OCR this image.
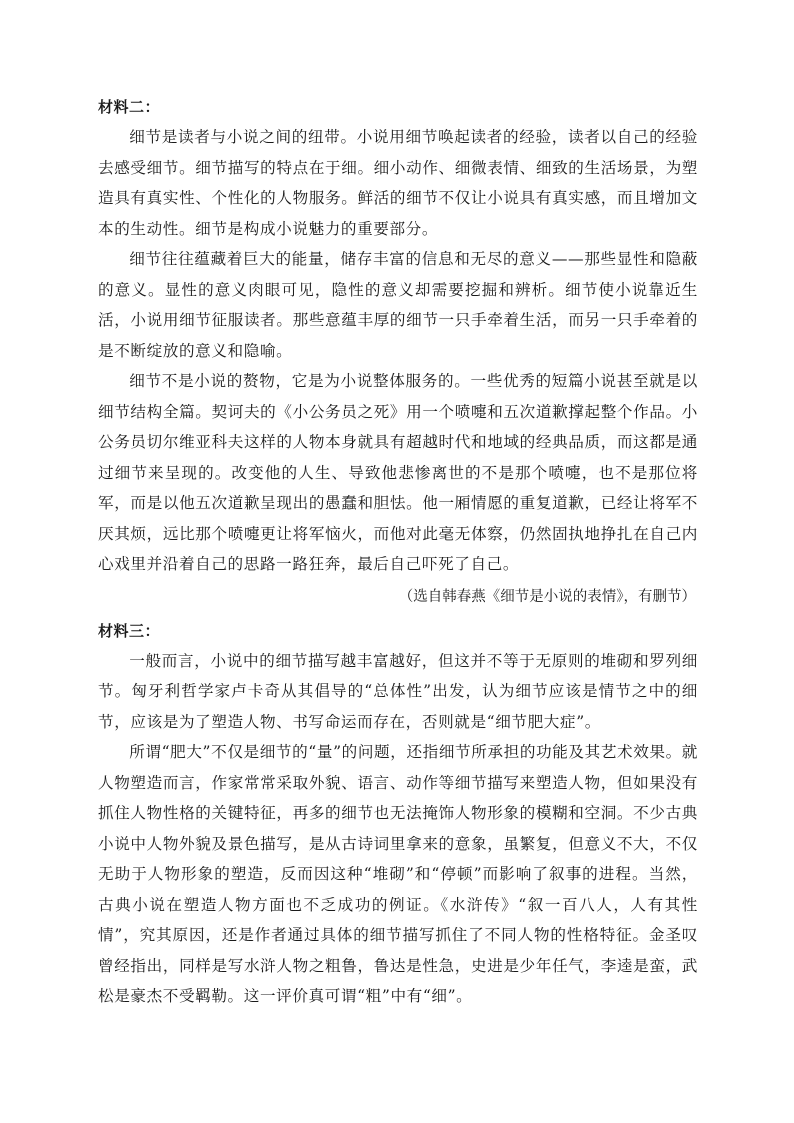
材料二：

细节是读者与小说之间的纽带。小说用细节唤起读者的经验，读者以自己的经验去感受细节。细节描写的特点在于细。细小动作、细微表情、细致的生活场景，为塑造具有真实性、个性化的人物服务。鲜活的细节不仅让小说具有真实感，而且增加文本的生动性。细节是构成小说魅力的重要部分。

细节往往蕴藏着巨大的能量，储存丰富的信息和无尽的意义——那些显性和隐蔽的意义。显性的意义肉眼可见，隐性的意义却需要挖掘和辨析。细节使小说靠近生活，小说用细节征服读者。那些意蕴丰厚的细节一只手牵着生活，而另一只手牵着的是不断绽放的意义和隐喻。

细节不是小说的赘物，它是为小说整体服务的。一些优秀的短篇小说甚至就是以细节结构全篇。契诃夫的《小公务员之死》用一个喷嚏和五次道歉撑起整个作品。小公务员切尔维亚科夫这样的人物本身就具有超越时代和地域的经典品质，而这都是通过细节来呈现的。改变他的人生、导致他悲惨离世的不是那个喷嚏，也不是那位将军，而是以他五次道歉呈现出的愚蠢和胆怯。他一厢情愿的重复道歉，已经让将军不厌其烦，远比那个喷嚏更让将军恼火，而他对此毫无体察，仍然固执地挣扎在自己内心戏里并沿着自己的思路一路狂奔，最后自己吓死了自己。

（选自韩春燕《细节是小说的表情》，有删节）

材料三：

一般而言，小说中的细节描写越丰富越好，但这并不等于无原则的堆砌和罗列细节。匈牙利哲学家卢卡奇从其倡导的“总体性”出发，认为细节应该是情节之中的细节，应该是为了塑造人物、书写命运而存在，否则就是“细节肥大症”。

所谓“肥大”不仅是细节的“量”的问题，还指细节所承担的功能及其艺术效果。就人物塑造而言，作家常常采取外貌、语言、动作等细节描写来塑造人物，但如果没有抓住人物性格的关键特征，再多的细节也无法掩饰人物形象的模糊和空洞。不少古典小说中人物外貌及景色描写，是从古诗词里拿来的意象，虽繁复，但意义不大，不仅无助于人物形象的塑造，反而因这种“堆砌”和“停顿”而影响了叙事的进程。当然，古典小说在塑造人物方面也不乏成功的例证。《水浒传》“叙一百八人，人有其性情”，究其原因，还是作者通过具体的细节描写抓住了不同人物的性格特征。金圣叹曾经指出，同样是写水浒人物之粗鲁，鲁达是性急，史进是少年任气，李逵是蛮，武松是豪杰不受羁勒。这一评价真可谓“粗”中有“细”。
